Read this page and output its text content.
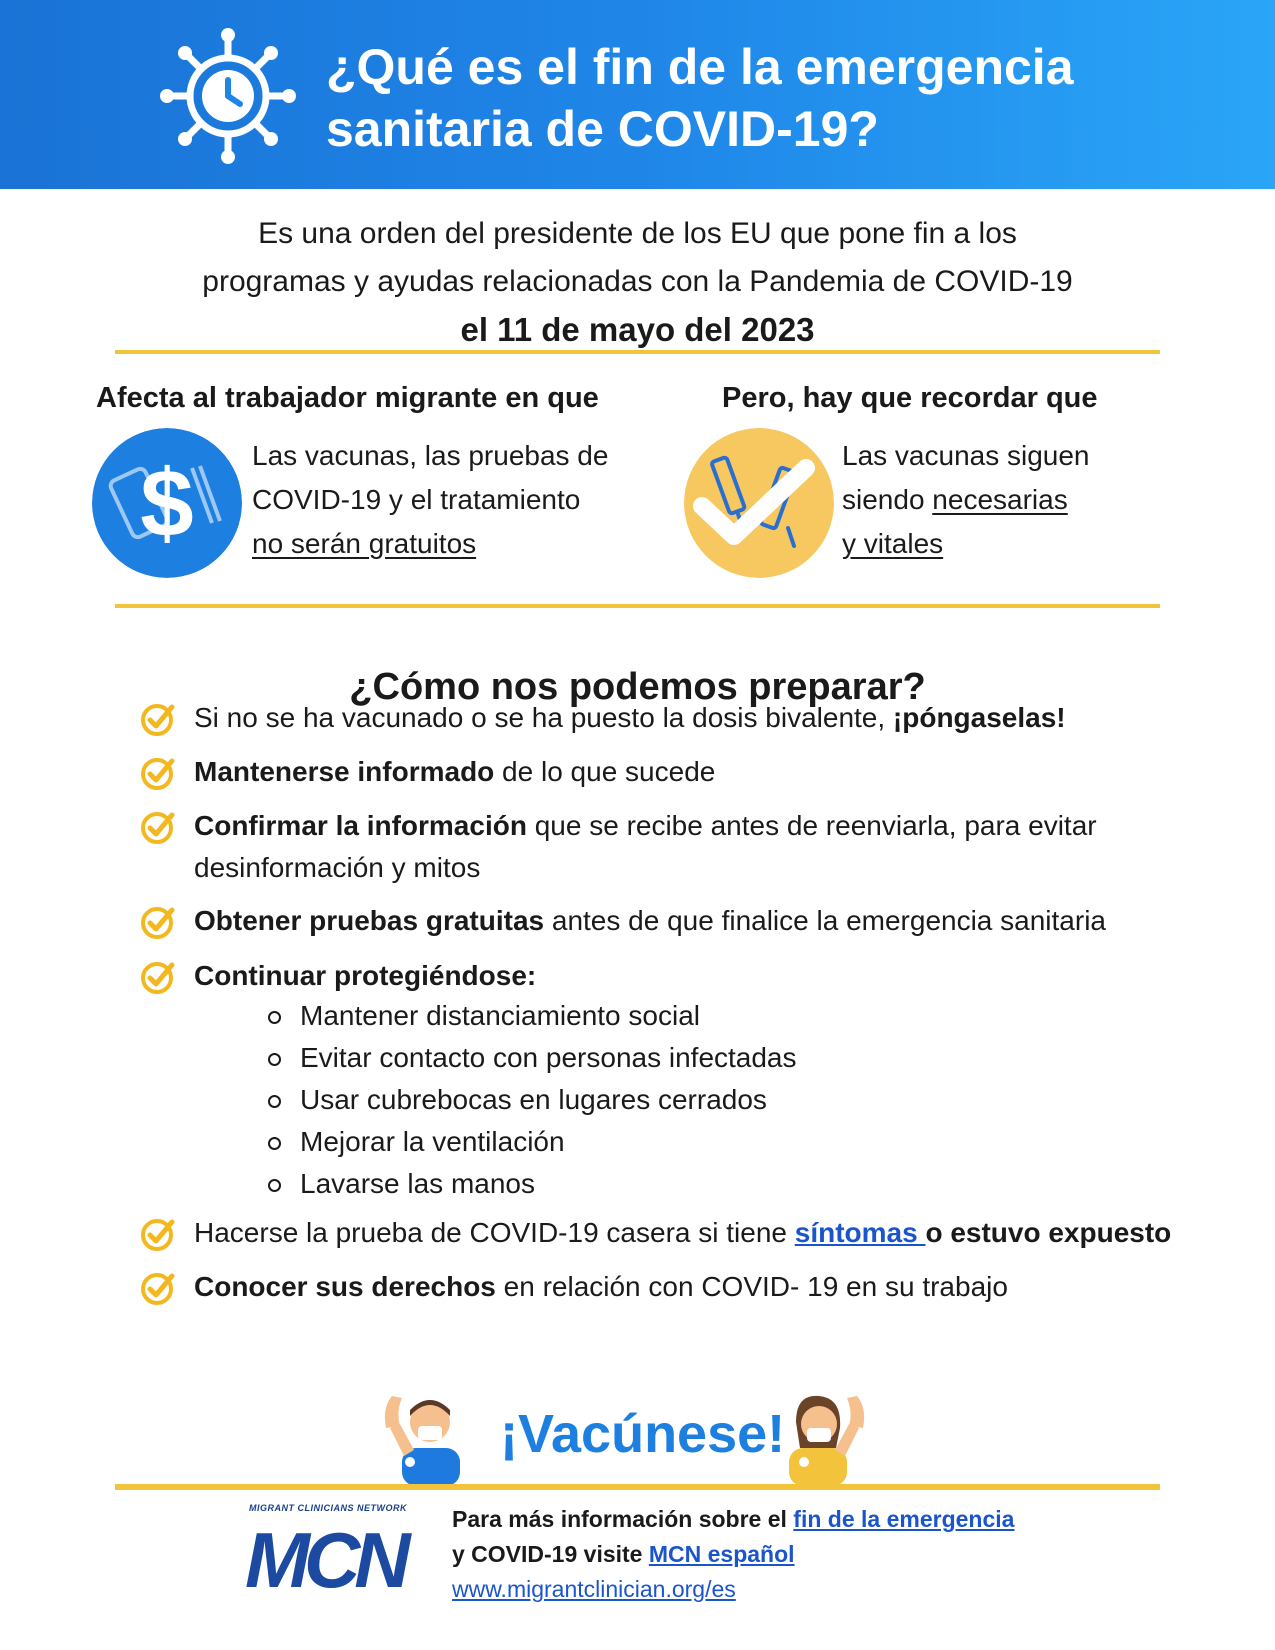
¿Qué es el fin de la emergencia
sanitaria de COVID-19?
Es una orden del presidente de los EU que pone fin a los
programas y ayudas relacionadas con la Pandemia de COVID-19
el 11 de mayo del 2023
Afecta al trabajador migrante en que
$ Las vacunas, las pruebas de
COVID-19 y el tratamiento
no serán gratuitos
Pero, hay que recordar que
Las vacunas siguen
siendo necesarias
y vitales
¿Cómo nos podemos preparar?
Si no se ha vacunado o se ha puesto la dosis bivalente, ¡póngaselas!
Mantenerse informado de lo que sucede
Confirmar la información que se recibe antes de reenviarla, para evitar
desinformación y mitos
Obtener pruebas gratuitas antes de que finalice la emergencia sanitaria
Continuar protegiéndose:
Mantener distanciamiento social
Evitar contacto con personas infectadas
Usar cubrebocas en lugares cerrados
Mejorar la ventilación
Lavarse las manos
Hacerse la prueba de COVID-19 casera si tiene síntomas o estuvo expuesto
Conocer sus derechos en relación con COVID- 19 en su trabajo
¡Vacúnese!
MIGRANT CLINICIANS NETWORK
MCN Para más información sobre el fin de la emergencia
y COVID-19 visite MCN español
www.migrantclinician.org/es
